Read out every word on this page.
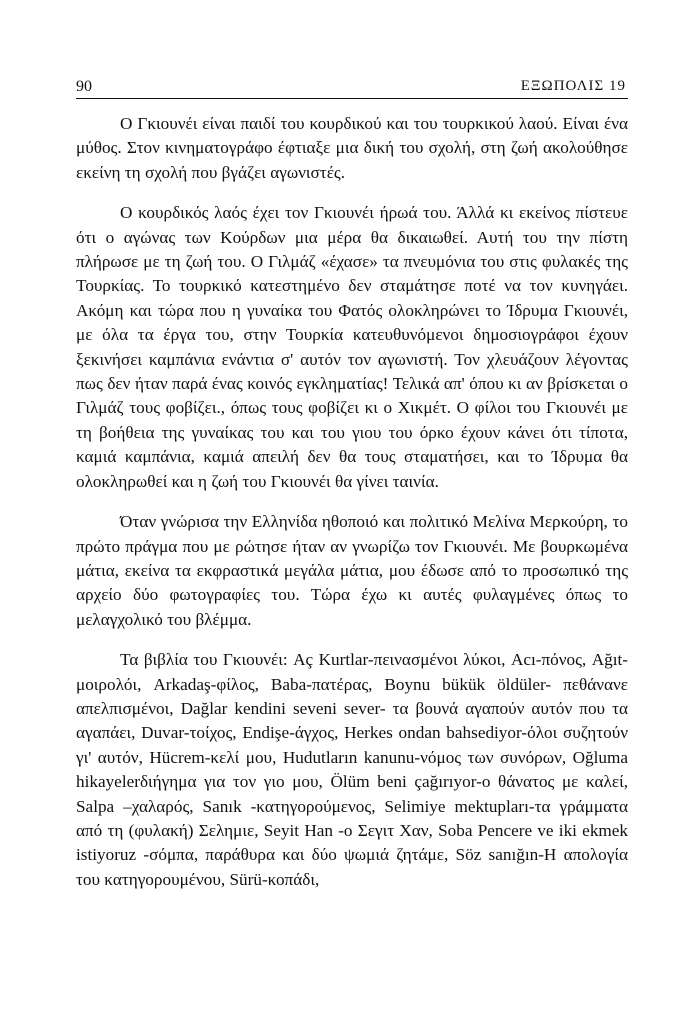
90	ΕΞΩΠΟΛΙΣ 19

Ο Γκιουνέι είναι παιδί του κουρδικού και του τουρκικού λαού. Είναι ένα μύθος. Στον κινηματογράφο έφτιαξε μια δική του σχολή, στη ζωή ακολούθησε εκείνη τη σχολή που βγάζει αγωνιστές.

Ο κουρδικός λαός έχει τον Γκιουνέι ήρωά του. Άλλά κι εκείνος πίστευε ότι ο αγώνας των Κούρδων μια μέρα θα δικαιωθεί. Αυτή του την πίστη πλήρωσε με τη ζωή του. Ο Γιλμάζ «έχασε» τα πνευμόνια του στις φυλακές της Τουρκίας. Το τουρκικό κατεστημένο δεν σταμάτησε ποτέ να τον κυνηγάει. Ακόμη και τώρα που η γυναίκα του Φατός ολοκληρώνει το Ίδρυμα Γκιουνέι, με όλα τα έργα του, στην Τουρκία κατευθυνόμενοι δημοσιογράφοι έχουν ξεκινήσει καμπάνια ενάντια σ' αυτόν τον αγωνιστή. Τον χλευάζουν λέγοντας πως δεν ήταν παρά ένας κοινός εγκληματίας! Τελικά απ' όπου κι αν βρίσκεται ο Γιλμάζ τους φοβίζει., όπως τους φοβίζει κι ο Χικμέτ. Ο φίλοι του Γκιουνέι με τη βοήθεια της γυναίκας του και του γιου του όρκο έχουν κάνει ότι τίποτα, καμιά καμπάνια, καμιά απειλή δεν θα τους σταματήσει, και το Ίδρυμα θα ολοκληρωθεί και η ζωή του Γκιουνέι θα γίνει ταινία.

Όταν γνώρισα την Ελληνίδα ηθοποιό και πολιτικό Μελίνα Μερκούρη, το πρώτο πράγμα που με ρώτησε ήταν αν γνωρίζω τον Γκιουνέι. Με βουρκωμένα μάτια, εκείνα τα εκφραστικά μεγάλα μάτια, μου έδωσε από το προσωπικό της αρχείο δύο φωτογραφίες του. Τώρα έχω κι αυτές φυλαγμένες όπως το μελαγχολικό του βλέμμα.

Τα βιβλία του Γκιουνέι: Aç Kurtlar-πεινασμένοι λύκοι, Acı-πόνος, Ağıt-μοιρολόι, Arkadaş-φίλος, Baba-πατέρας, Boynu bükük öldüler- πεθάνανε απελπισμένοι, Dağlar kendini seveni sever- τα βουνά αγαπούν αυτόν που τα αγαπάει, Duvar-τοίχος, Endişe-άγχος, Herkes ondan bahsediyor-όλοι συζητούν γι' αυτόν, Hücrem-κελί μου, Hudutların kanunu-νόμος των συνόρων, Oğluma hikayelerδιήγημα για τον γιο μου, Ölüm beni çağırıyor-ο θάνατος με καλεί, Salpa –χαλαρός, Sanık -κατηγορούμενος, Selimiye mektupları-τα γράμματα από τη (φυλακή) Σελημιε, Seyit Han -ο Σεγιτ Χαν, Soba Pencere ve iki ekmek istiyoruz -σόμπα, παράθυρα και δύο ψωμιά ζητάμε, Söz sanığın-Η απολογία του κατηγορουμένου, Sürü-κοπάδι,
